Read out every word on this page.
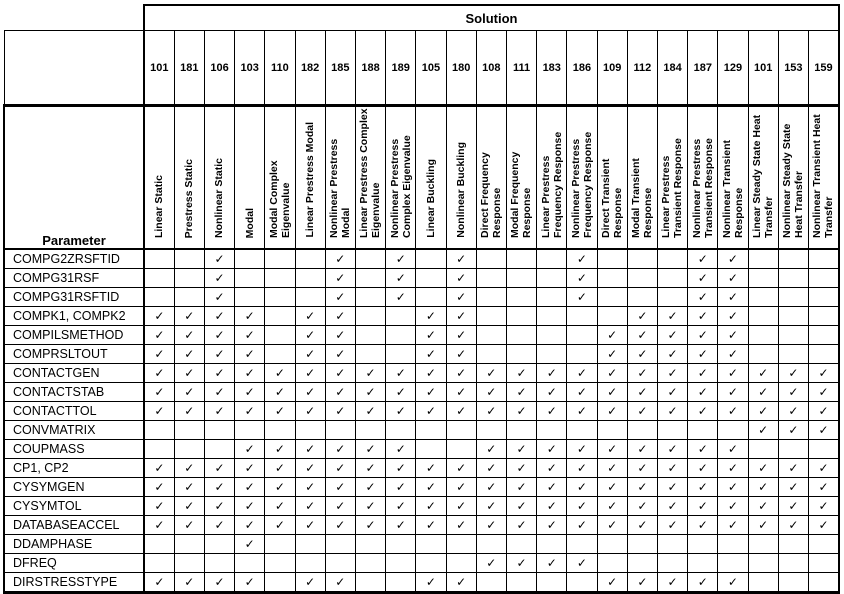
	Solution																						
	101	181	106	103	110	182	185	188	189	105	180	108	111	183	186	109	112	184	187	129	101	153	159
Parameter	Linear Static	Prestress Static	Nonlinear Static	Modal	Modal Complex Eigenvalue	Linear Prestress Modal	Nonlinear Prestress Modal	Linear Prestress Complex Eigenvalue	Nonlinear Prestress Complex Eigenvalue	Linear Buckling	Nonlinear Buckling	Direct Frequency Response	Modal Frequency Response	Linear Prestress Frequency Response	Nonlinear Prestress Frequency Response	Direct Transient Response	Modal Transient Response	Linear Prestress Transient Response	Nonlinear Prestress Transient Response	Nonlinear Transient Response	Linear Steady State Heat Transfer	Nonlinear Steady State Heat Transfer	Nonlinear Transient Heat Transfer
COMPG2ZRSFTID			✓				✓		✓		✓				✓				✓	✓			
COMPG31RSF			✓				✓		✓		✓				✓				✓	✓			
COMPG31RSFTID			✓				✓		✓		✓				✓				✓	✓			
COMPK1, COMPK2	✓	✓	✓	✓		✓	✓			✓	✓						✓	✓	✓	✓			
COMPILSMETHOD	✓	✓	✓	✓		✓	✓			✓	✓					✓	✓	✓	✓	✓			
COMPRSLTOUT	✓	✓	✓	✓		✓	✓			✓	✓					✓	✓	✓	✓	✓			
CONTACTGEN	✓	✓	✓	✓	✓	✓	✓	✓	✓	✓	✓	✓	✓	✓	✓	✓	✓	✓	✓	✓	✓	✓	✓
CONTACTSTAB	✓	✓	✓	✓	✓	✓	✓	✓	✓	✓	✓	✓	✓	✓	✓	✓	✓	✓	✓	✓	✓	✓	✓
CONTACTTOL	✓	✓	✓	✓	✓	✓	✓	✓	✓	✓	✓	✓	✓	✓	✓	✓	✓	✓	✓	✓	✓	✓	✓
CONVMATRIX																					✓	✓	✓
COUPMASS				✓	✓	✓	✓	✓	✓			✓	✓	✓	✓	✓	✓	✓	✓	✓			
CP1, CP2	✓	✓	✓	✓	✓	✓	✓	✓	✓	✓	✓	✓	✓	✓	✓	✓	✓	✓	✓	✓	✓	✓	✓
CYSYMGEN	✓	✓	✓	✓	✓	✓	✓	✓	✓	✓	✓	✓	✓	✓	✓	✓	✓	✓	✓	✓	✓	✓	✓
CYSYMTOL	✓	✓	✓	✓	✓	✓	✓	✓	✓	✓	✓	✓	✓	✓	✓	✓	✓	✓	✓	✓	✓	✓	✓
DATABASEACCEL	✓	✓	✓	✓	✓	✓	✓	✓	✓	✓	✓	✓	✓	✓	✓	✓	✓	✓	✓	✓	✓	✓	✓
DDAMPHASE				✓																			
DFREQ												✓	✓	✓	✓								
DIRSTRESSTYPE	✓	✓	✓	✓		✓	✓			✓	✓					✓	✓	✓	✓	✓			
